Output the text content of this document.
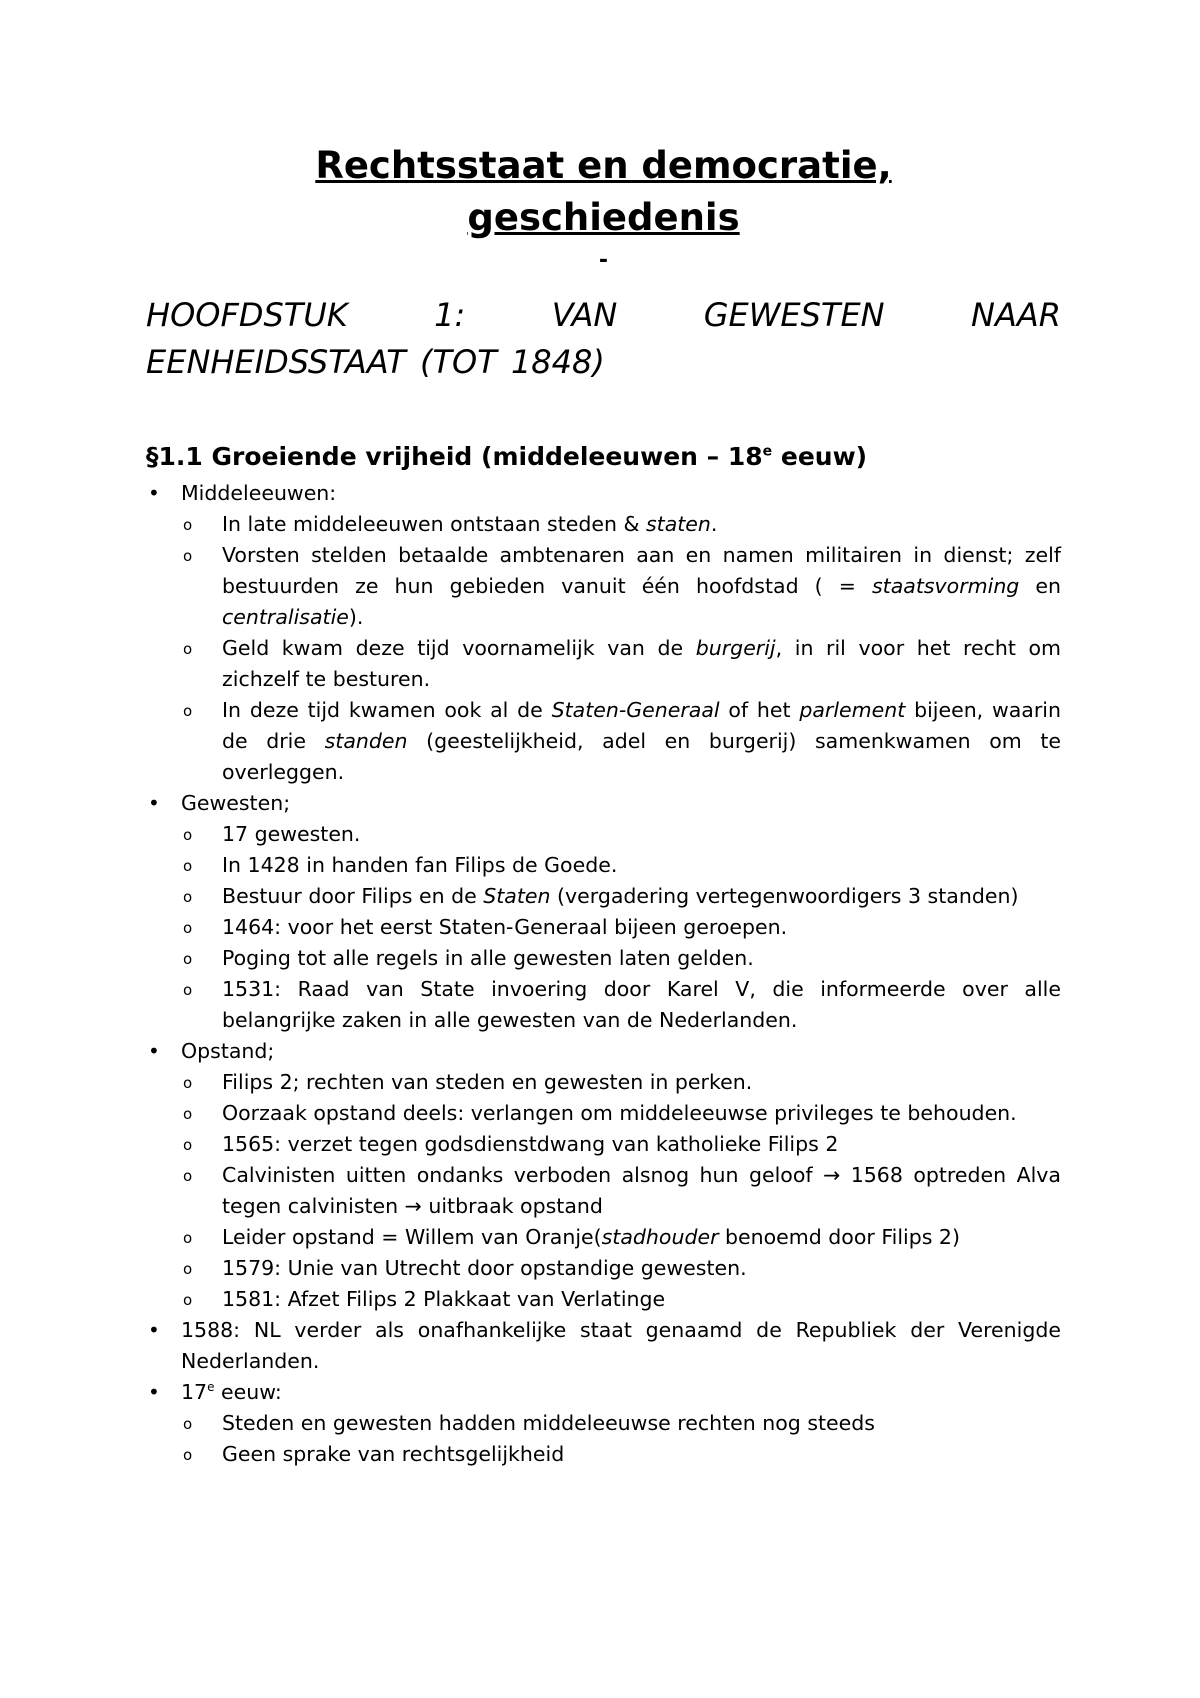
Rechtsstaat en democratie,
geschiedenis
-
HOOFDSTUK 1: VAN GEWESTEN NAAR
EENHEIDSSTAAT (TOT 1848)
§1.1 Groeiende vrijheid (middeleeuwen – 18e eeuw)
• Middeleeuwen:
o In late middeleeuwen ontstaan steden & staten.
o Vorsten stelden betaalde ambtenaren aan en namen militairen in dienst; zelf bestuurden ze hun gebieden vanuit één hoofdstad ( = staatsvorming en centralisatie).
o Geld kwam deze tijd voornamelijk van de burgerij, in ril voor het recht om zichzelf te besturen.
o In deze tijd kwamen ook al de Staten-Generaal of het parlement bijeen, waarin de drie standen (geestelijkheid, adel en burgerij) samenkwamen om te overleggen.
• Gewesten;
o 17 gewesten.
o In 1428 in handen fan Filips de Goede.
o Bestuur door Filips en de Staten (vergadering vertegenwoordigers 3 standen)
o 1464: voor het eerst Staten-Generaal bijeen geroepen.
o Poging tot alle regels in alle gewesten laten gelden.
o 1531: Raad van State invoering door Karel V, die informeerde over alle belangrijke zaken in alle gewesten van de Nederlanden.
• Opstand;
o Filips 2; rechten van steden en gewesten in perken.
o Oorzaak opstand deels: verlangen om middeleeuwse privileges te behouden.
o 1565: verzet tegen godsdienstdwang van katholieke Filips 2
o Calvinisten uitten ondanks verboden alsnog hun geloof → 1568 optreden Alva tegen calvinisten → uitbraak opstand
o Leider opstand = Willem van Oranje(stadhouder benoemd door Filips 2)
o 1579: Unie van Utrecht door opstandige gewesten.
o 1581: Afzet Filips 2 Plakkaat van Verlatinge
• 1588: NL verder als onafhankelijke staat genaamd de Republiek der Verenigde Nederlanden.
• 17e eeuw:
o Steden en gewesten hadden middeleeuwse rechten nog steeds
o Geen sprake van rechtsgelijkheid
